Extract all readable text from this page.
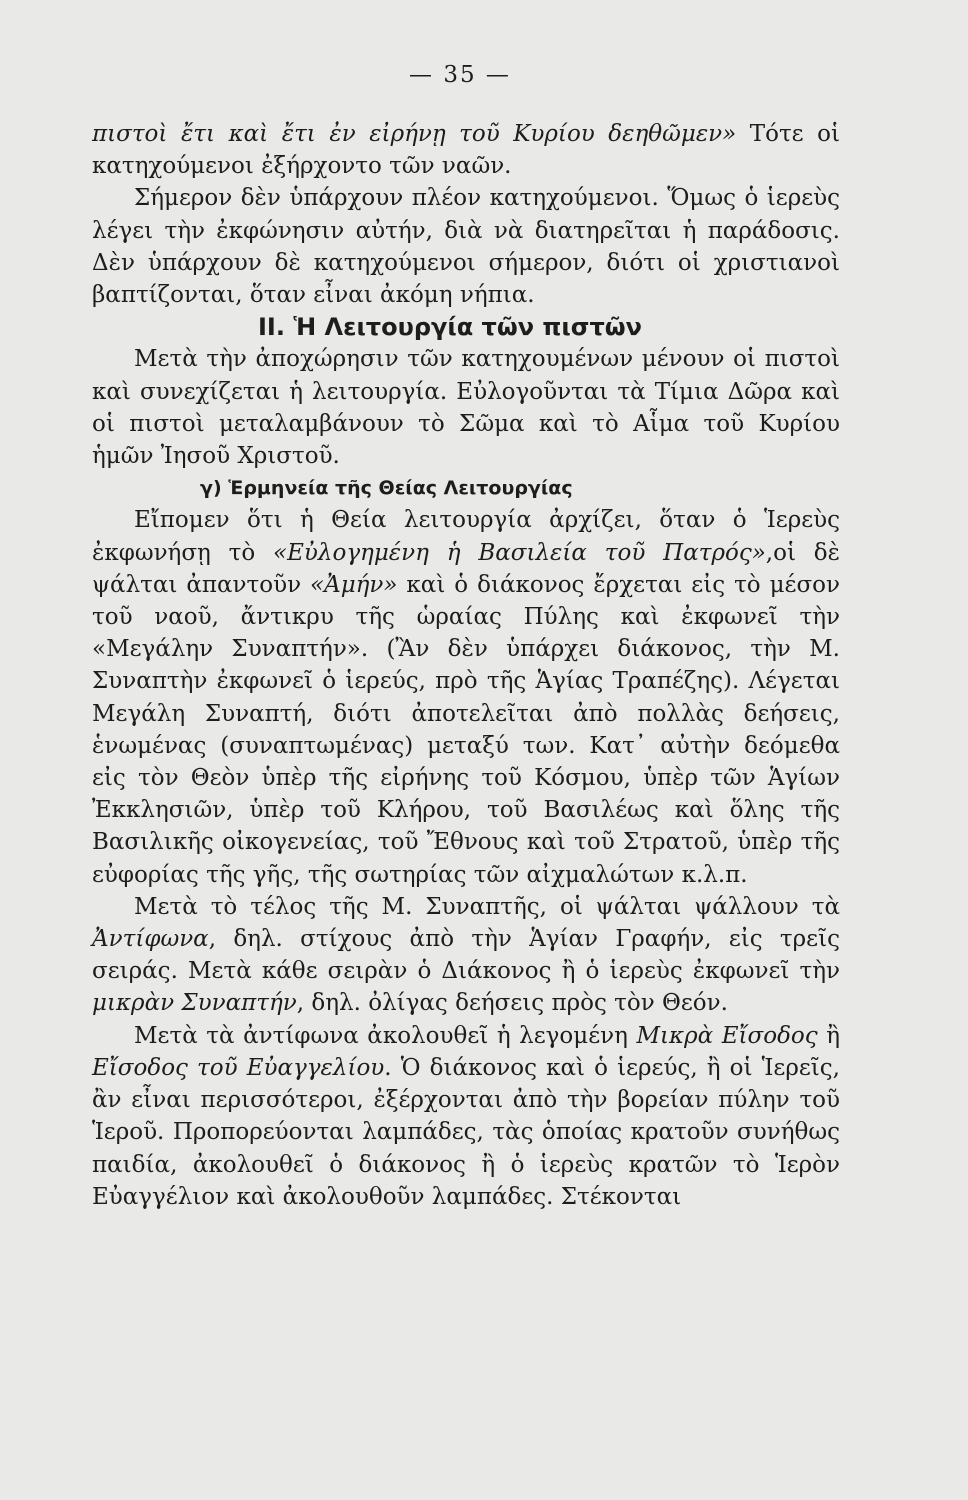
— 35 —

πιστοὶ ἔτι καὶ ἔτι ἐν εἰρήνῃ τοῦ Κυρίου δεηθῶμεν» Τότε οἱ κατηχούμενοι ἐξήρχοντο τῶν ναῶν.

Σήμερον δὲν ὑπάρχουν πλέον κατηχούμενοι. Ὅμως ὁ ἱερεὺς λέγει τὴν ἐκφώνησιν αὐτήν, διὰ νὰ διατηρεῖται ἡ παράδοσις. Δὲν ὑπάρχουν δὲ κατηχούμενοι σήμερον, διότι οἱ χριστιανοὶ βαπτίζονται, ὅταν εἶναι ἀκόμη νήπια.

ΙΙ. Ἡ Λειτουργία τῶν πιστῶν

Μετὰ τὴν ἀποχώρησιν τῶν κατηχουμένων μένουν οἱ πιστοὶ καὶ συνεχίζεται ἡ λειτουργία. Εὐλογοῦνται τὰ Τίμια Δῶρα καὶ οἱ πιστοὶ μεταλαμβάνουν τὸ Σῶμα καὶ τὸ Αἷμα τοῦ Κυρίου ἡμῶν Ἰησοῦ Χριστοῦ.

γ) Ἑρμηνεία τῆς Θείας Λειτουργίας

Εἴπομεν ὅτι ἡ Θεία λειτουργία ἀρχίζει, ὅταν ὁ Ἱερεὺς ἐκφωνήσῃ τὸ «Εὐλογημένη ἡ Βασιλεία τοῦ Πατρός»,οἱ δὲ ψάλται ἀπαντοῦν «Ἀμήν» καὶ ὁ διάκονος ἔρχεται εἰς τὸ μέσον τοῦ ναοῦ, ἄντικρυ τῆς ὡραίας Πύλης καὶ ἐκφωνεῖ τὴν «Μεγάλην Συναπτήν». (Ἂν δὲν ὑπάρχει διάκονος, τὴν Μ. Συναπτὴν ἐκφωνεῖ ὁ ἱερεύς, πρὸ τῆς Ἁγίας Τραπέζης). Λέγεται Μεγάλη Συναπτή, διότι ἀποτελεῖται ἀπὸ πολλὰς δεήσεις, ἑνωμένας (συναπτωμένας) μεταξύ των. Κατ᾽ αὐτὴν δεόμεθα εἰς τὸν Θεὸν ὑπὲρ τῆς εἰρήνης τοῦ Κόσμου, ὑπὲρ τῶν Ἁγίων Ἐκκλησιῶν, ὑπὲρ τοῦ Κλήρου, τοῦ Βασιλέως καὶ ὅλης τῆς Βασιλικῆς οἰκογενείας, τοῦ Ἔθνους καὶ τοῦ Στρατοῦ, ὑπὲρ τῆς εὐφορίας τῆς γῆς, τῆς σωτηρίας τῶν αἰχμαλώτων κ.λ.π.

Μετὰ τὸ τέλος τῆς Μ. Συναπτῆς, οἱ ψάλται ψάλλουν τὰ Ἀντίφωνα, δηλ. στίχους ἀπὸ τὴν Ἁγίαν Γραφήν, εἰς τρεῖς σειράς. Μετὰ κάθε σειρὰν ὁ Διάκονος ἢ ὁ ἱερεὺς ἐκφωνεῖ τὴν μικρὰν Συναπτήν, δηλ. ὀλίγας δεήσεις πρὸς τὸν Θεόν.

Μετὰ τὰ ἀντίφωνα ἀκολουθεῖ ἡ λεγομένη Μικρὰ Εἴσοδος ἢ Εἴσοδος τοῦ Εὐαγγελίου. Ὁ διάκονος καὶ ὁ ἱερεύς, ἢ οἱ Ἱερεῖς, ἂν εἶναι περισσότεροι, ἐξέρχονται ἀπὸ τὴν βορείαν πύλην τοῦ Ἱεροῦ. Προπορεύονται λαμπάδες, τὰς ὁποίας κρατοῦν συνήθως παιδία, ἀκολουθεῖ ὁ διάκονος ἢ ὁ ἱερεὺς κρατῶν τὸ Ἱερὸν Εὐαγγέλιον καὶ ἀκολουθοῦν λαμπάδες. Στέκονται
